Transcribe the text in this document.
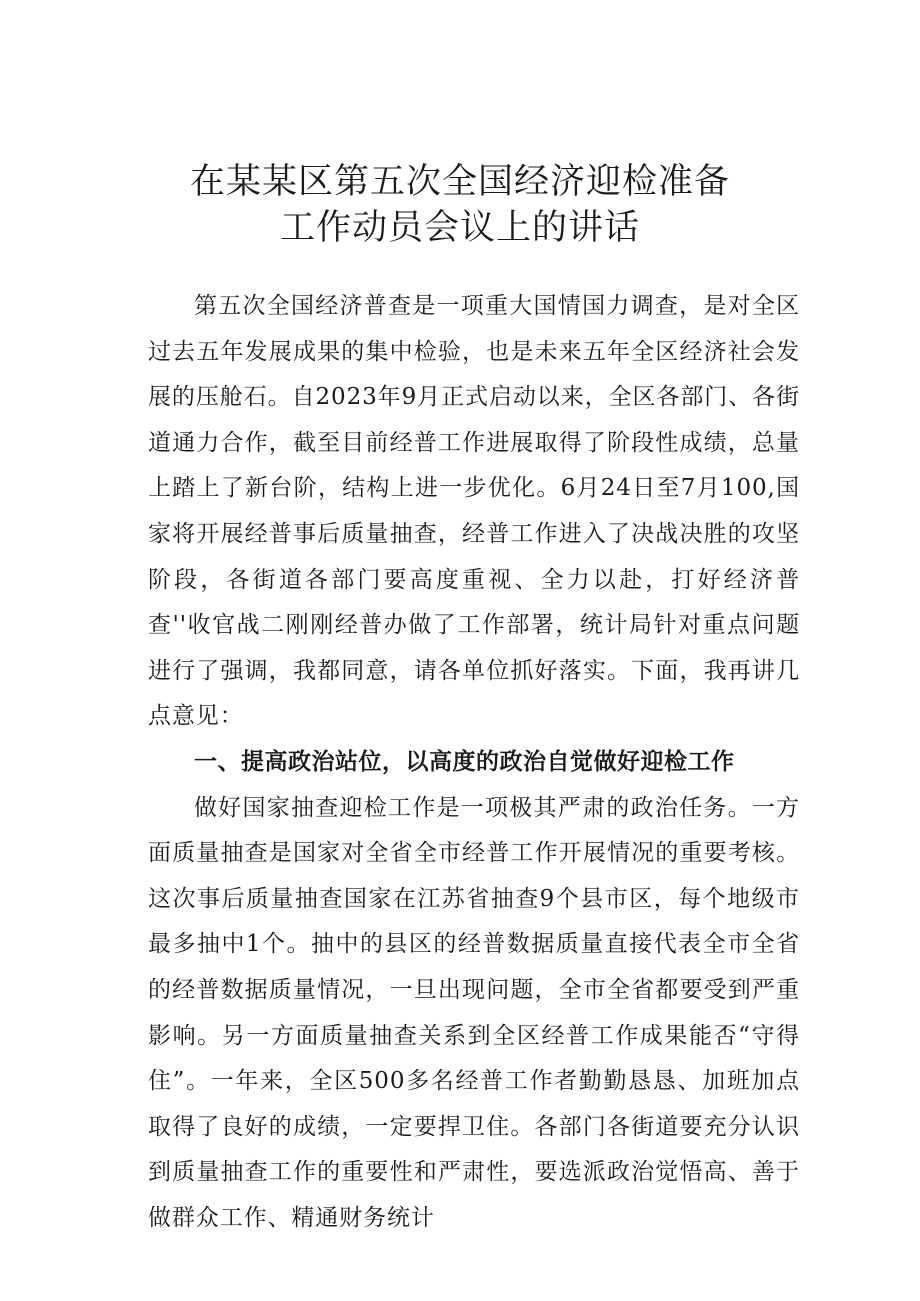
在某某区第五次全国经济迎检准备
工作动员会议上的讲话

第五次全国经济普查是一项重大国情国力调查，是对全区过去五年发展成果的集中检验，也是未来五年全区经济社会发展的压舱石。自2023年9月正式启动以来，全区各部门、各街道通力合作，截至目前经普工作进展取得了阶段性成绩，总量上踏上了新台阶，结构上进一步优化。6月24日至7月100,国家将开展经普事后质量抽查，经普工作进入了决战决胜的攻坚阶段，各街道各部门要高度重视、全力以赴，打好经济普查''收官战二刚刚经普办做了工作部署，统计局针对重点问题进行了强调，我都同意，请各单位抓好落实。下面，我再讲几点意见：

一、提高政治站位，以高度的政治自觉做好迎检工作

做好国家抽查迎检工作是一项极其严肃的政治任务。一方面质量抽查是国家对全省全市经普工作开展情况的重要考核。这次事后质量抽查国家在江苏省抽查9个县市区，每个地级市最多抽中1个。抽中的县区的经普数据质量直接代表全市全省的经普数据质量情况，一旦出现问题，全市全省都要受到严重影响。另一方面质量抽查关系到全区经普工作成果能否“守得住”。一年来，全区500多名经普工作者勤勤恳恳、加班加点取得了良好的成绩，一定要捍卫住。各部门各街道要充分认识到质量抽查工作的重要性和严肃性，要选派政治觉悟高、善于做群众工作、精通财务统计
